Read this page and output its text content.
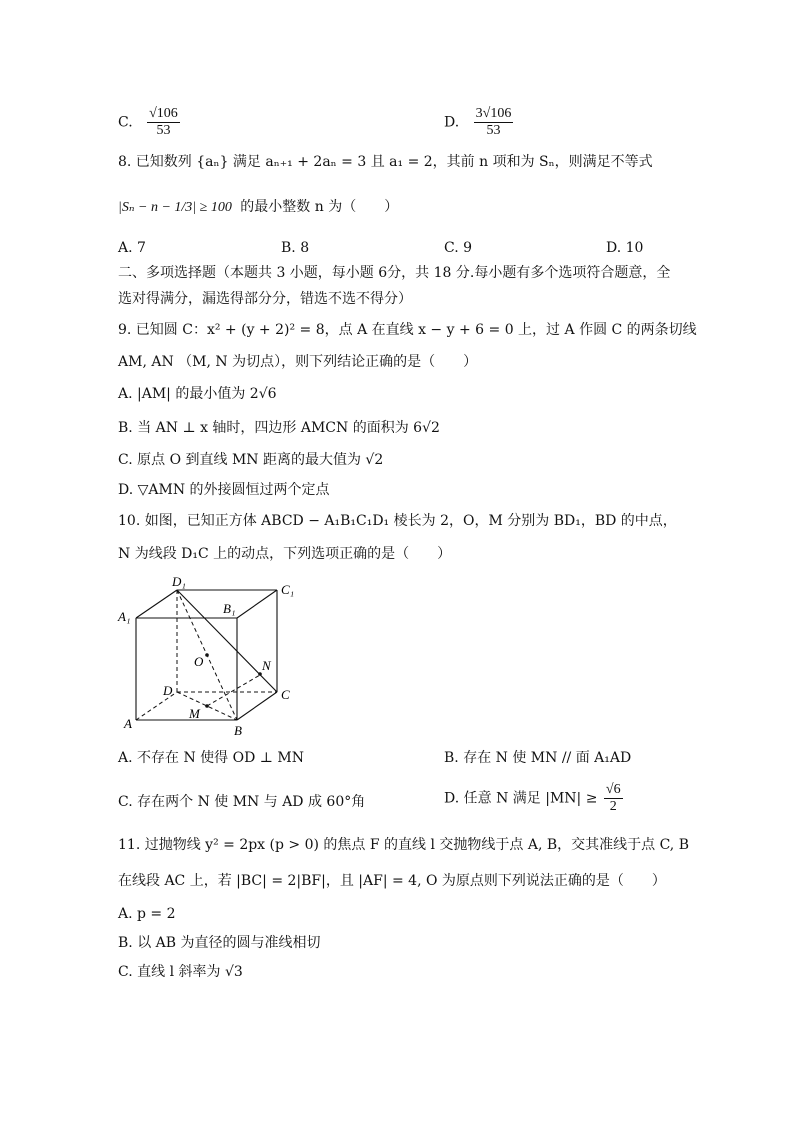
C. $\frac{√106}{53}$	D. $\frac{3√106}{53}$
8. 已知数列 {aₙ} 满足 aₙ₊₁ + 2aₙ = 3 且 a₁ = 2，其前 n 项和为 Sₙ，则满足不等式
|Sₙ − n − 1/3| ≥ 100 的最小整数 n 为（　　）
A. 7	B. 8	C. 9	D. 10
二、多项选择题（本题共 3 小题，每小题 6分，共 18 分.每小题有多个选项符合题意，全
选对得满分，漏选得部分分，错选不选不得分）
9. 已知圆 C：x² + (y + 2)² = 8，点 A 在直线 x − y + 6 = 0 上，过 A 作圆 C 的两条切线
AM, AN （M, N 为切点），则下列结论正确的是（　　）
A. |AM| 的最小值为 2√6
B. 当 AN ⊥ x 轴时，四边形 AMCN 的面积为 6√2
C. 原点 O 到直线 MN 距离的最大值为 √2
D. ▽AMN 的外接圆恒过两个定点
10. 如图，已知正方体 ABCD − A₁B₁C₁D₁ 棱长为 2，O，M 分别为 BD₁，BD 的中点，
N 为线段 D₁C 上的动点，下列选项正确的是（　　）
D₁
C₁
A₁
B₁
O	N
D	C
M
A	B
A. 不存在 N 使得 OD ⊥ MN	B. 存在 N 使 MN // 面 A₁AD
C. 存在两个 N 使 MN 与 AD 成 60°角	D. 任意 N 满足 $|MN| \ge \frac{√6}{2}$
11. 过抛物线 y² = 2px (p > 0) 的焦点 F 的直线 l 交抛物线于点 A, B，交其准线于点 C, B
在线段 AC 上，若 |BC| = 2|BF|，且 |AF| = 4, O 为原点则下列说法正确的是（　　）
A. p = 2
B. 以 AB 为直径的圆与准线相切
C. 直线 l 斜率为 √3
